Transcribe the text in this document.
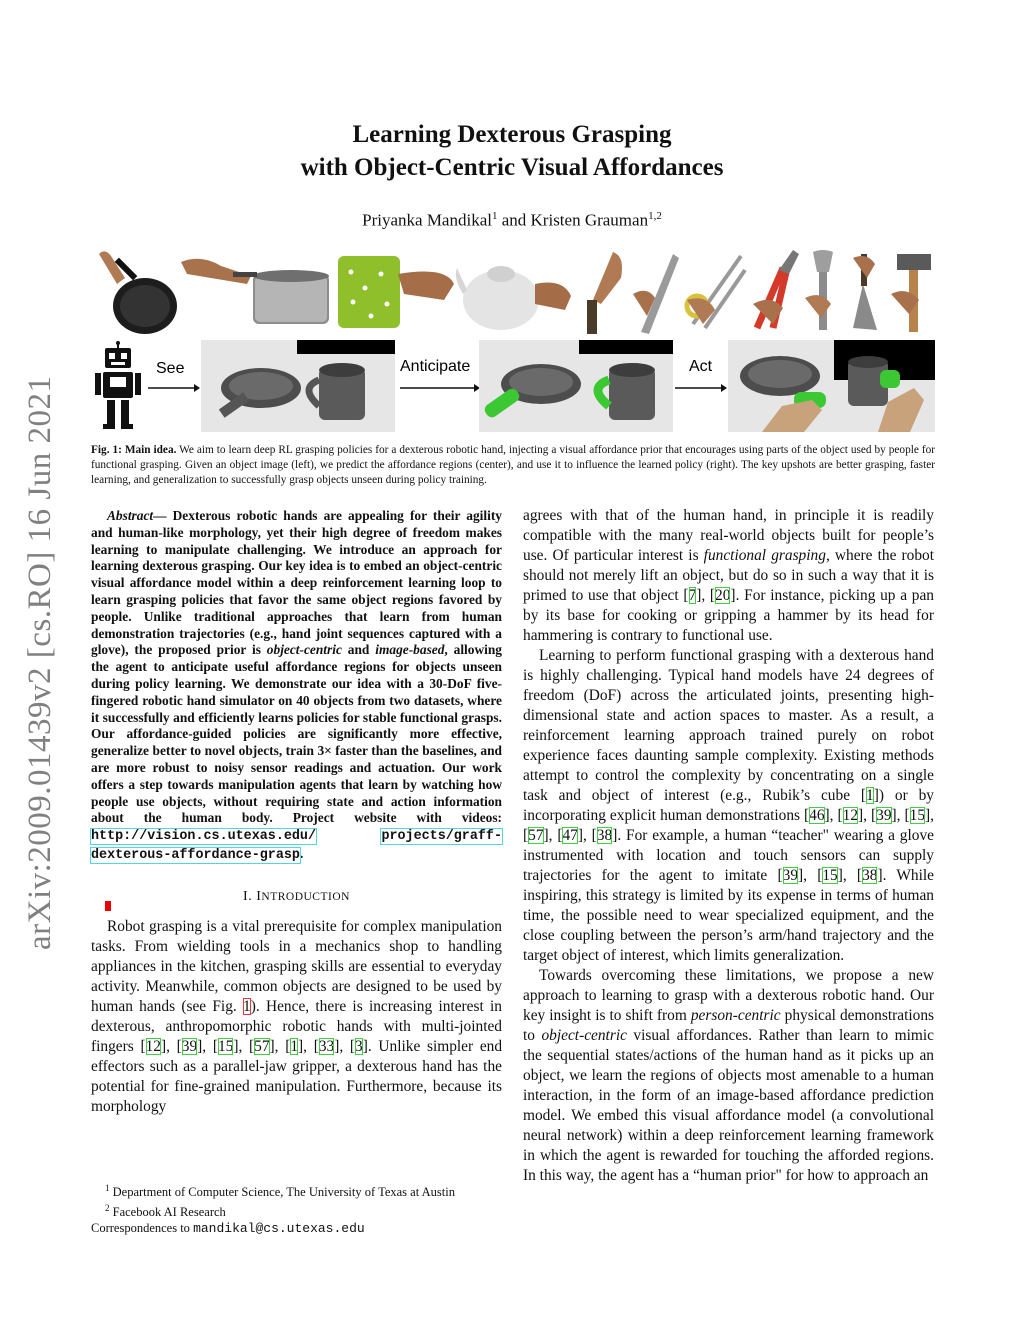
arXiv:2009.01439v2 [cs.RO] 16 Jun 2021
Learning Dexterous Grasping
with Object-Centric Visual Affordances
Priyanka Mandikal$^1$ and Kristen Grauman$^{1,2}$
See	Anticipate	Act
Fig. 1: Main idea. We aim to learn deep RL grasping policies for a dexterous robotic hand, injecting a visual affordance prior that encourages using parts of the object used by people for functional grasping. Given an object image (left), we predict the affordance regions (center), and use it to influence the learned policy (right). The key upshots are better grasping, faster learning, and generalization to successfully grasp objects unseen during policy training.

Abstract— Dexterous robotic hands are appealing for their agility and human-like morphology, yet their high degree of freedom makes learning to manipulate challenging. We introduce an approach for learning dexterous grasping. Our key idea is to embed an object-centric visual affordance model within a deep reinforcement learning loop to learn grasping policies that favor the same object regions favored by people. Unlike traditional approaches that learn from human demonstration trajectories (e.g., hand joint sequences captured with a glove), the proposed prior is object-centric and image-based, allowing the agent to anticipate useful affordance regions for objects unseen during policy learning. We demonstrate our idea with a 30-DoF five-fingered robotic hand simulator on 40 objects from two datasets, where it successfully and efficiently learns policies for stable functional grasps. Our affordance-guided policies are significantly more effective, generalize better to novel objects, train 3× faster than the baselines, and are more robust to noisy sensor readings and actuation. Our work offers a step towards manipulation agents that learn by watching how people use objects, without requiring state and action information about the human body. Project website with videos: http://vision.cs.utexas.edu/	projects/graff-dexterous-affordance-grasp.

I. INTRODUCTION

Robot grasping is a vital prerequisite for complex manipulation tasks. From wielding tools in a mechanics shop to handling appliances in the kitchen, grasping skills are essential to everyday activity. Meanwhile, common objects are designed to be used by human hands (see Fig. 1). Hence, there is increasing interest in dexterous, anthropomorphic robotic hands with multi-jointed fingers [12], [39], [15], [57], [1], [33], [3]. Unlike simpler end effectors such as a parallel-jaw gripper, a dexterous hand has the potential for fine-grained manipulation. Furthermore, because its morphology

$^1$ Department of Computer Science, The University of Texas at Austin
$^2$ Facebook AI Research
Correspondences to mandikal@cs.utexas.edu

agrees with that of the human hand, in principle it is readily compatible with the many real-world objects built for people’s use. Of particular interest is functional grasping, where the robot should not merely lift an object, but do so in such a way that it is primed to use that object [7], [20]. For instance, picking up a pan by its base for cooking or gripping a hammer by its head for hammering is contrary to functional use.

Learning to perform functional grasping with a dexterous hand is highly challenging. Typical hand models have 24 degrees of freedom (DoF) across the articulated joints, presenting high-dimensional state and action spaces to master. As a result, a reinforcement learning approach trained purely on robot experience faces daunting sample complexity. Existing methods attempt to control the complexity by concentrating on a single task and object of interest (e.g., Rubik’s cube [1]) or by incorporating explicit human demonstrations [46], [12], [39], [15], [57], [47], [38]. For example, a human “teacher" wearing a glove instrumented with location and touch sensors can supply trajectories for the agent to imitate [39], [15], [38]. While inspiring, this strategy is limited by its expense in terms of human time, the possible need to wear specialized equipment, and the close coupling between the person’s arm/hand trajectory and the target object of interest, which limits generalization.

Towards overcoming these limitations, we propose a new approach to learning to grasp with a dexterous robotic hand. Our key insight is to shift from person-centric physical demonstrations to object-centric visual affordances. Rather than learn to mimic the sequential states/actions of the human hand as it picks up an object, we learn the regions of objects most amenable to a human interaction, in the form of an image-based affordance prediction model. We embed this visual affordance model (a convolutional neural network) within a deep reinforcement learning framework in which the agent is rewarded for touching the afforded regions. In this way, the agent has a “human prior" for how to approach an
